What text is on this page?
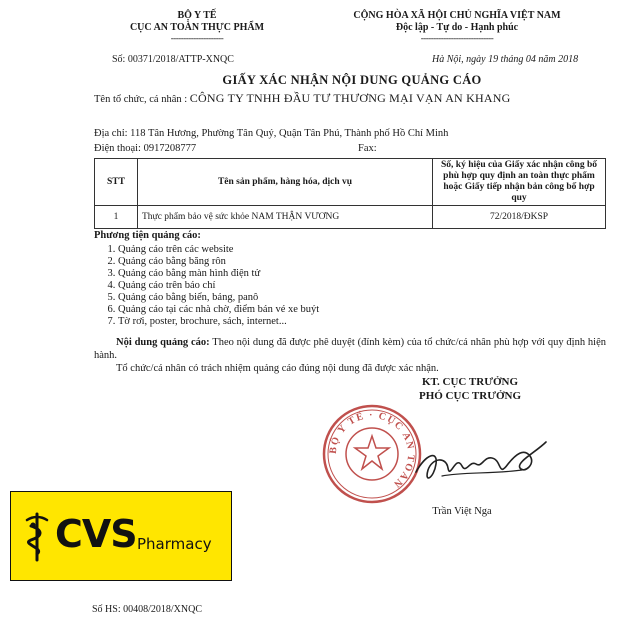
BỘ Y TẾ
CỤC AN TOÀN THỰC PHẨM
---------------------
CỘNG HÒA XÃ HỘI CHỦ NGHĨA VIỆT NAM
Độc lập - Tự do - Hạnh phúc
-----------------------------
Số: 00371/2018/ATTP-XNQC	Hà Nội, ngày 19 tháng 04 năm 2018
GIẤY XÁC NHẬN NỘI DUNG QUẢNG CÁO
Tên tổ chức, cá nhân : CÔNG TY TNHH ĐẦU TƯ THƯƠNG MẠI VẠN AN KHANG
Địa chỉ: 118 Tân Hương, Phường Tân Quý, Quận Tân Phú, Thành phố Hồ Chí Minh
Điện thoại: 0917208777	Fax:
STT	Tên sản phẩm, hàng hóa, dịch vụ	Số, ký hiệu của Giấy xác nhận công bố phù hợp quy định an toàn thực phẩm hoặc Giấy tiếp nhận bản công bố hợp quy
1	Thực phẩm bảo vệ sức khỏe NAM THẬN VƯƠNG	72/2018/ĐKSP
Phương tiện quảng cáo:
1. Quảng cáo trên các website
2. Quảng cáo bằng băng rôn
3. Quảng cáo bằng màn hình điện tử
4. Quảng cáo trên báo chí
5. Quảng cáo bằng biển, bảng, panô
6. Quảng cáo tại các nhà chờ, điểm bán vé xe buýt
7. Tờ rơi, poster, brochure, sách, internet...
Nội dung quảng cáo: Theo nội dung đã được phê duyệt (đính kèm) của tổ chức/cá nhân phù hợp với quy định hiện hành.
Tổ chức/cá nhân có trách nhiệm quảng cáo đúng nội dung đã được xác nhận.
KT. CỤC TRƯỞNG
PHÓ CỤC TRƯỞNG
BỘ Y TẾ · CỤC AN TOÀN
Trần Việt Nga
CVS Pharmacy
Số HS: 00408/2018/XNQC
